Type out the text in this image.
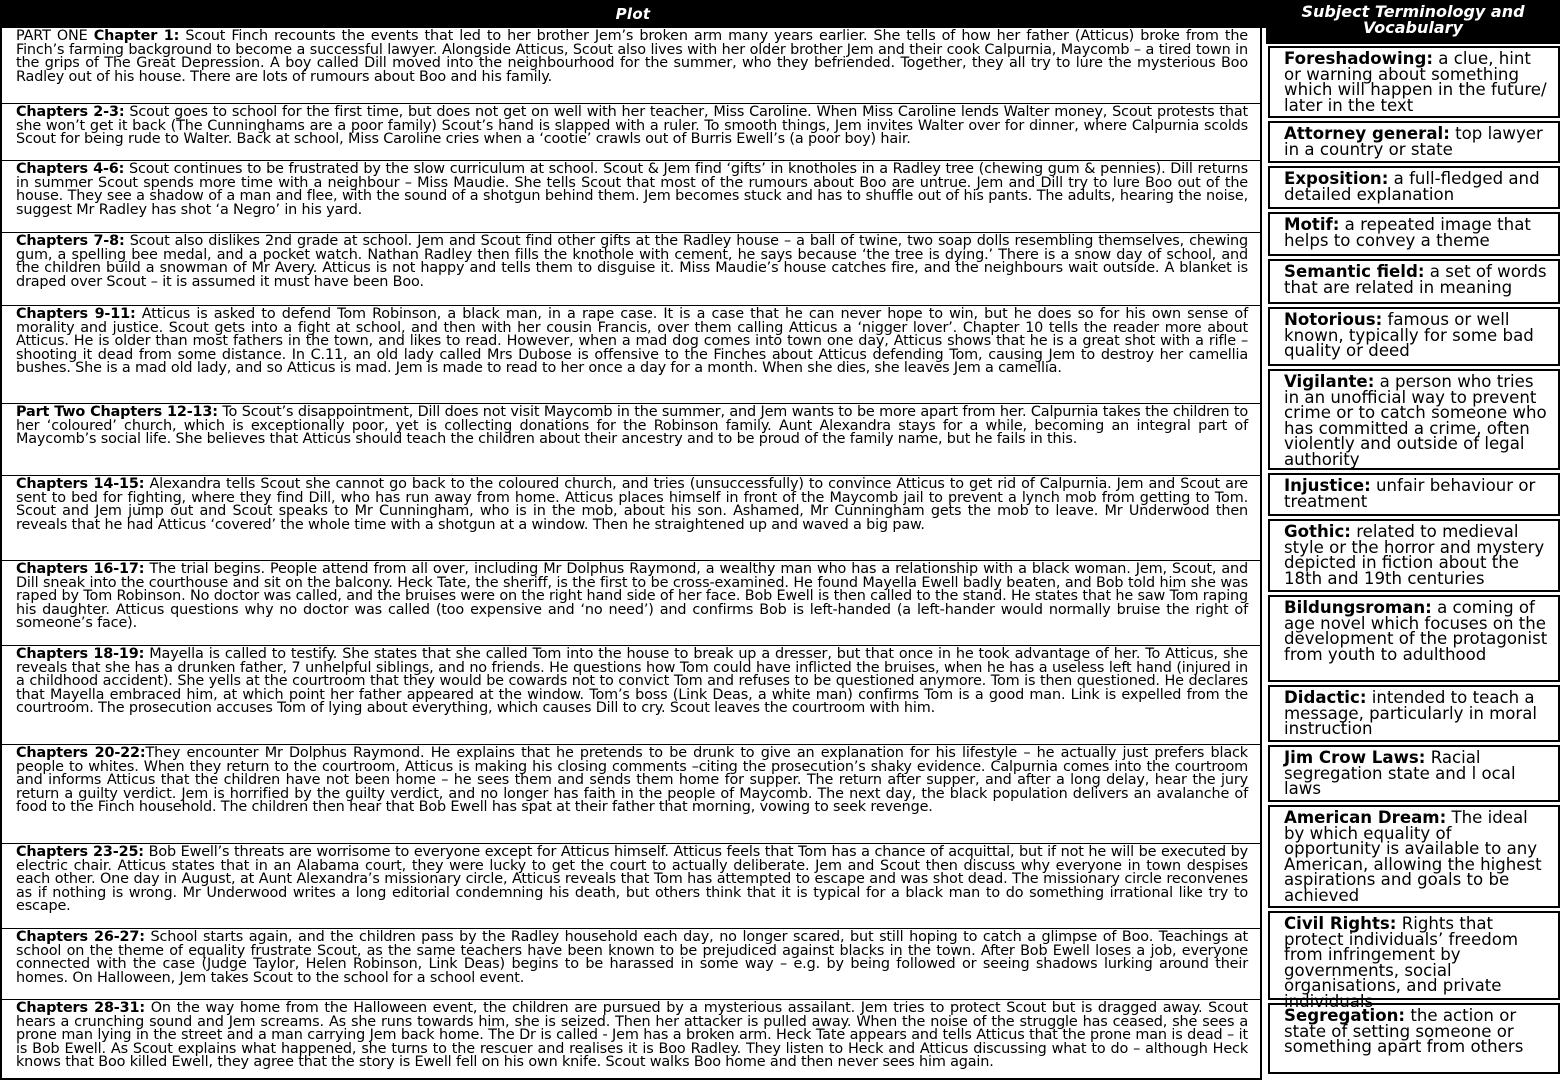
Plot
PART ONE Chapter 1: Scout Finch recounts the events that led to her brother Jem’s broken arm many years earlier. She tells of how her father (Atticus) broke from the Finch’s farming background to become a successful lawyer. Alongside Atticus, Scout also lives with her older brother Jem and their cook Calpurnia, Maycomb – a tired town in the grips of The Great Depression. A boy called Dill moved into the neighbourhood for the summer, who they befriended. Together, they all try to lure the mysterious Boo Radley out of his house. There are lots of rumours about Boo and his family.
Chapters 2-3: Scout goes to school for the first time, but does not get on well with her teacher, Miss Caroline. When Miss Caroline lends Walter money, Scout protests that she won’t get it back (The Cunninghams are a poor family) Scout’s hand is slapped with a ruler. To smooth things, Jem invites Walter over for dinner, where Calpurnia scolds Scout for being rude to Walter. Back at school, Miss Caroline cries when a ‘cootie’ crawls out of Burris Ewell’s (a poor boy) hair.
Chapters 4-6: Scout continues to be frustrated by the slow curriculum at school. Scout & Jem find ‘gifts’ in knotholes in a Radley tree (chewing gum & pennies). Dill returns in summer Scout spends more time with a neighbour – Miss Maudie. She tells Scout that most of the rumours about Boo are untrue. Jem and Dill try to lure Boo out of the house. They see a shadow of a man and flee, with the sound of a shotgun behind them. Jem becomes stuck and has to shuffle out of his pants. The adults, hearing the noise, suggest Mr Radley has shot ‘a Negro’ in his yard.
Chapters 7-8: Scout also dislikes 2nd grade at school. Jem and Scout find other gifts at the Radley house – a ball of twine, two soap dolls resembling themselves, chewing gum, a spelling bee medal, and a pocket watch. Nathan Radley then fills the knothole with cement, he says because ‘the tree is dying.’ There is a snow day of school, and the children build a snowman of Mr Avery. Atticus is not happy and tells them to disguise it. Miss Maudie’s house catches fire, and the neighbours wait outside. A blanket is draped over Scout – it is assumed it must have been Boo.
Chapters 9-11: Atticus is asked to defend Tom Robinson, a black man, in a rape case. It is a case that he can never hope to win, but he does so for his own sense of morality and justice. Scout gets into a fight at school, and then with her cousin Francis, over them calling Atticus a ‘nigger lover’. Chapter 10 tells the reader more about Atticus. He is older than most fathers in the town, and likes to read. However, when a mad dog comes into town one day, Atticus shows that he is a great shot with a rifle – shooting it dead from some distance. In C.11, an old lady called Mrs Dubose is offensive to the Finches about Atticus defending Tom, causing Jem to destroy her camellia bushes. She is a mad old lady, and so Atticus is mad. Jem is made to read to her once a day for a month. When she dies, she leaves Jem a camellia.
Part Two Chapters 12-13: To Scout’s disappointment, Dill does not visit Maycomb in the summer, and Jem wants to be more apart from her. Calpurnia takes the children to her ‘coloured’ church, which is exceptionally poor, yet is collecting donations for the Robinson family. Aunt Alexandra stays for a while, becoming an integral part of Maycomb’s social life. She believes that Atticus should teach the children about their ancestry and to be proud of the family name, but he fails in this.
Chapters 14-15: Alexandra tells Scout she cannot go back to the coloured church, and tries (unsuccessfully) to convince Atticus to get rid of Calpurnia. Jem and Scout are sent to bed for fighting, where they find Dill, who has run away from home. Atticus places himself in front of the Maycomb jail to prevent a lynch mob from getting to Tom. Scout and Jem jump out and Scout speaks to Mr Cunningham, who is in the mob, about his son. Ashamed, Mr Cunningham gets the mob to leave. Mr Underwood then reveals that he had Atticus ‘covered’ the whole time with a shotgun at a window. Then he straightened up and waved a big paw.
Chapters 16-17: The trial begins. People attend from all over, including Mr Dolphus Raymond, a wealthy man who has a relationship with a black woman. Jem, Scout, and Dill sneak into the courthouse and sit on the balcony. Heck Tate, the sheriff, is the first to be cross-examined. He found Mayella Ewell badly beaten, and Bob told him she was raped by Tom Robinson. No doctor was called, and the bruises were on the right hand side of her face. Bob Ewell is then called to the stand. He states that he saw Tom raping his daughter. Atticus questions why no doctor was called (too expensive and ‘no need’) and confirms Bob is left-handed (a left-hander would normally bruise the right of someone’s face).
Chapters 18-19: Mayella is called to testify. She states that she called Tom into the house to break up a dresser, but that once in he took advantage of her. To Atticus, she reveals that she has a drunken father, 7 unhelpful siblings, and no friends. He questions how Tom could have inflicted the bruises, when he has a useless left hand (injured in a childhood accident). She yells at the courtroom that they would be cowards not to convict Tom and refuses to be questioned anymore. Tom is then questioned. He declares that Mayella embraced him, at which point her father appeared at the window. Tom’s boss (Link Deas, a white man) confirms Tom is a good man. Link is expelled from the courtroom. The prosecution accuses Tom of lying about everything, which causes Dill to cry. Scout leaves the courtroom with him.
Chapters 20-22:They encounter Mr Dolphus Raymond. He explains that he pretends to be drunk to give an explanation for his lifestyle – he actually just prefers black people to whites. When they return to the courtroom, Atticus is making his closing comments –citing the prosecution’s shaky evidence. Calpurnia comes into the courtroom and informs Atticus that the children have not been home – he sees them and sends them home for supper. The return after supper, and after a long delay, hear the jury return a guilty verdict. Jem is horrified by the guilty verdict, and no longer has faith in the people of Maycomb. The next day, the black population delivers an avalanche of food to the Finch household. The children then hear that Bob Ewell has spat at their father that morning, vowing to seek revenge.
Chapters 23-25: Bob Ewell’s threats are worrisome to everyone except for Atticus himself. Atticus feels that Tom has a chance of acquittal, but if not he will be executed by electric chair. Atticus states that in an Alabama court, they were lucky to get the court to actually deliberate. Jem and Scout then discuss why everyone in town despises each other. One day in August, at Aunt Alexandra’s missionary circle, Atticus reveals that Tom has attempted to escape and was shot dead. The missionary circle reconvenes as if nothing is wrong. Mr Underwood writes a long editorial condemning his death, but others think that it is typical for a black man to do something irrational like try to escape.
Chapters 26-27: School starts again, and the children pass by the Radley household each day, no longer scared, but still hoping to catch a glimpse of Boo. Teachings at school on the theme of equality frustrate Scout, as the same teachers have been known to be prejudiced against blacks in the town. After Bob Ewell loses a job, everyone connected with the case (Judge Taylor, Helen Robinson, Link Deas) begins to be harassed in some way – e.g. by being followed or seeing shadows lurking around their homes. On Halloween, Jem takes Scout to the school for a school event.
Chapters 28-31: On the way home from the Halloween event, the children are pursued by a mysterious assailant. Jem tries to protect Scout but is dragged away. Scout hears a crunching sound and Jem screams. As she runs towards him, she is seized. Then her attacker is pulled away. When the noise of the struggle has ceased, she sees a prone man lying in the street and a man carrying Jem back home. The Dr is called - Jem has a broken arm. Heck Tate appears and tells Atticus that the prone man is dead – it is Bob Ewell. As Scout explains what happened, she turns to the rescuer and realises it is Boo Radley. They listen to Heck and Atticus discussing what to do – although Heck knows that Boo killed Ewell, they agree that the story is Ewell fell on his own knife. Scout walks Boo home and then never sees him again.
Subject Terminology and Vocabulary
Foreshadowing: a clue, hint or warning about something which will happen in the future/ later in the text
Attorney general: top lawyer in a country or state
Exposition: a full-fledged and detailed explanation
Motif: a repeated image that helps to convey a theme
Semantic field: a set of words that are related in meaning
Notorious: famous or well known, typically for some bad quality or deed
Vigilante: a person who tries in an unofficial way to prevent crime or to catch someone who has committed a crime, often violently and outside of legal authority
Injustice: unfair behaviour or treatment
Gothic: related to medieval style or the horror and mystery depicted in fiction about the 18th and 19th centuries
Bildungsroman: a coming of age novel which focuses on the development of the protagonist from youth to adulthood
Didactic: intended to teach a message, particularly in moral instruction
Jim Crow Laws: Racial segregation state and l ocal laws
American Dream: The ideal by which equality of opportunity is available to any American, allowing the highest aspirations and goals to be achieved
Civil Rights: Rights that protect individuals’ freedom from infringement by governments, social organisations, and private individuals
Segregation: the action or state of setting someone or something apart from others
